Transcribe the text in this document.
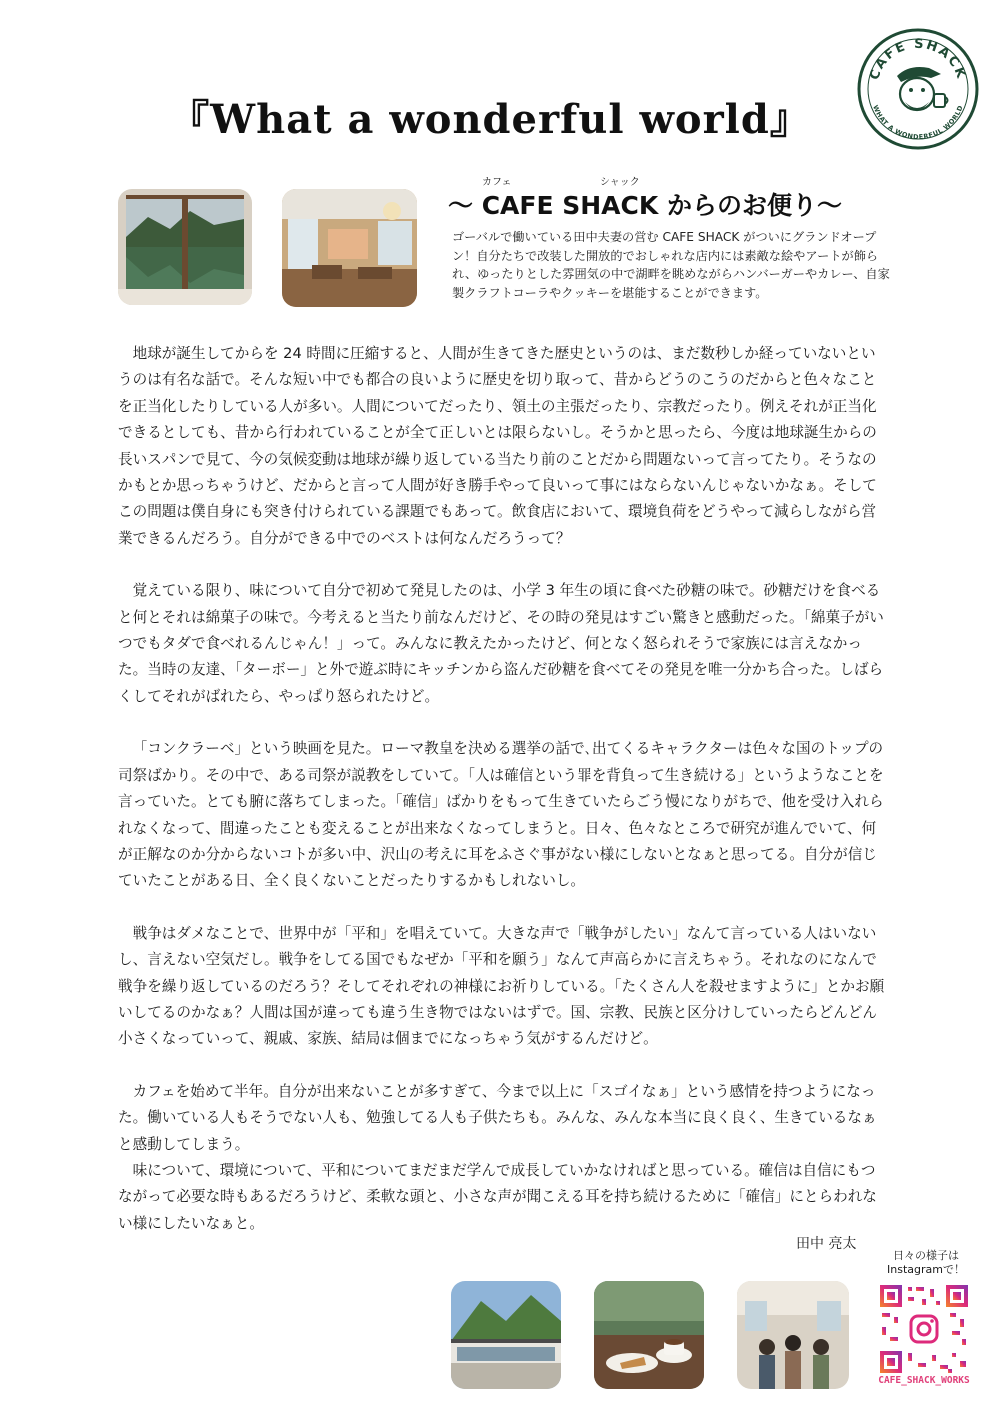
CAFE SHACK
WHAT A WONDERFUL WORLD
『What a wonderful world』
カフェ	シャック
～ CAFE SHACK からのお便り～
ゴーバルで働いている田中夫妻の営む CAFE SHACK がついにグランドオープン！自分たちで改装した開放的でおしゃれな店内には素敵な絵やアートが飾られ、ゆったりとした雰囲気の中で湖畔を眺めながらハンバーガーやカレー、自家製クラフトコーラやクッキーを堪能することができます。

地球が誕生してからを 24 時間に圧縮すると、人間が生きてきた歴史というのは、まだ数秒しか経っていないというのは有名な話で。そんな短い中でも都合の良いように歴史を切り取って、昔からどうのこうのだからと色々なことを正当化したりしている人が多い。人間についてだったり、領土の主張だったり、宗教だったり。例えそれが正当化できるとしても、昔から行われていることが全て正しいとは限らないし。そうかと思ったら、今度は地球誕生からの長いスパンで見て、今の気候変動は地球が繰り返している当たり前のことだから問題ないって言ってたり。そうなのかもとか思っちゃうけど、だからと言って人間が好き勝手やって良いって事にはならないんじゃないかなぁ。そしてこの問題は僕自身にも突き付けられている課題でもあって。飲食店において、環境負荷をどうやって減らしながら営業できるんだろう。自分ができる中でのベストは何なんだろうって？

覚えている限り、味について自分で初めて発見したのは、小学 3 年生の頃に食べた砂糖の味で。砂糖だけを食べると何とそれは綿菓子の味で。今考えると当たり前なんだけど、その時の発見はすごい驚きと感動だった。「綿菓子がいつでもタダで食べれるんじゃん！」って。みんなに教えたかったけど、何となく怒られそうで家族には言えなかった。当時の友達、「ターボー」と外で遊ぶ時にキッチンから盗んだ砂糖を食べてその発見を唯一分かち合った。しばらくしてそれがばれたら、やっぱり怒られたけど。

「コンクラーベ」という映画を見た。ローマ教皇を決める選挙の話で､出てくるキャラクターは色々な国のトップの司祭ばかり。その中で、ある司祭が説教をしていて。「人は確信という罪を背負って生き続ける」というようなことを言っていた。とても腑に落ちてしまった。「確信」ばかりをもって生きていたらごう慢になりがちで、他を受け入れられなくなって、間違ったことも変えることが出来なくなってしまうと。日々、色々なところで研究が進んでいて、何が正解なのか分からないコトが多い中、沢山の考えに耳をふさぐ事がない様にしないとなぁと思ってる。自分が信じていたことがある日、全く良くないことだったりするかもしれないし。

戦争はダメなことで、世界中が「平和」を唱えていて。大きな声で「戦争がしたい」なんて言っている人はいないし、言えない空気だし。戦争をしてる国でもなぜか「平和を願う」なんて声高らかに言えちゃう。それなのになんで戦争を繰り返しているのだろう？そしてそれぞれの神様にお祈りしている。「たくさん人を殺せますように」とかお願いしてるのかなぁ？人間は国が違っても違う生き物ではないはずで。国、宗教、民族と区分けしていったらどんどん小さくなっていって、親戚、家族、結局は個までになっちゃう気がするんだけど。

カフェを始めて半年。自分が出来ないことが多すぎて、今まで以上に「スゴイなぁ」という感情を持つようになった。働いている人もそうでない人も、勉強してる人も子供たちも。みんな、みんな本当に良く良く、生きているなぁと感動してしまう。

味について、環境について、平和についてまだまだ学んで成長していかなければと思っている。確信は自信にもつながって必要な時もあるだろうけど、柔軟な頭と、小さな声が聞こえる耳を持ち続けるために「確信」にとらわれない様にしたいなぁと。

田中 亮太
日々の様子は Instagramで！
CAFE_SHACK_WORKS
